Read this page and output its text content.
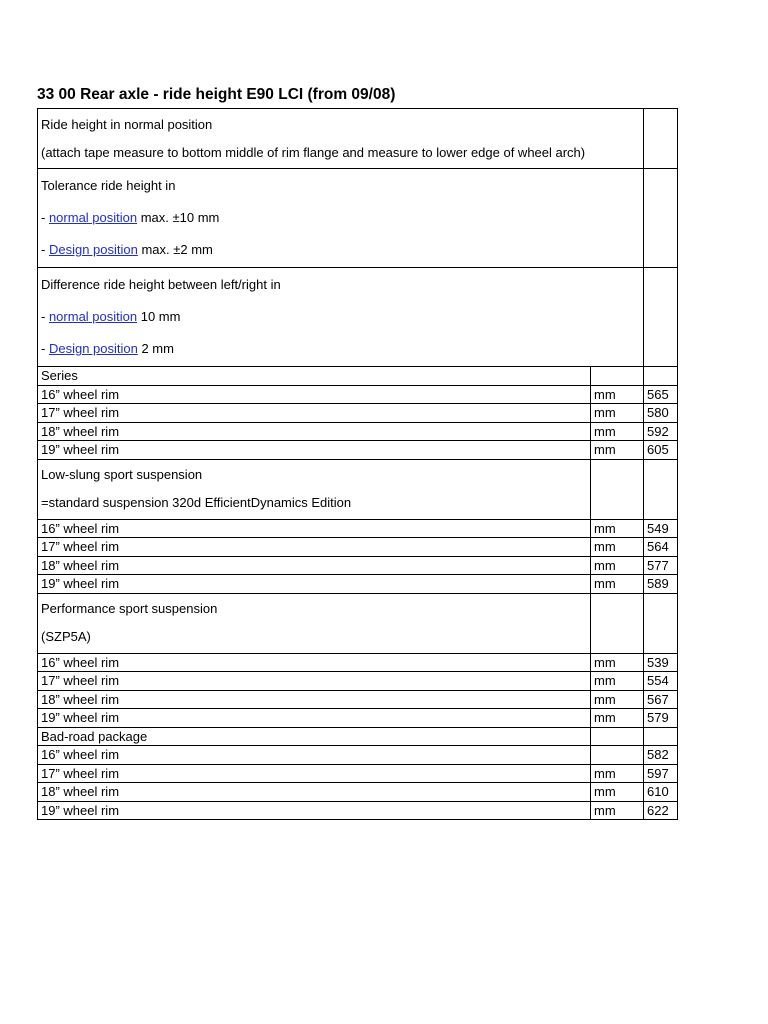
33 00 Rear axle - ride height E90 LCI (from 09/08)
Ride height in normal position
(attach tape measure to bottom middle of rim flange and measure to lower edge of wheel arch)		

Tolerance ride height in
- normal position max. ±10 mm
- Design position max. ±2 mm		

Difference ride height between left/right in
- normal position 10 mm
- Design position 2 mm		

Series		
16” wheel rim	mm	565
17” wheel rim	mm	580
18” wheel rim	mm	592
19” wheel rim	mm	605

Low-slung sport suspension
=standard suspension 320d EfficientDynamics Edition		

16” wheel rim	mm	549
17” wheel rim	mm	564
18” wheel rim	mm	577
19” wheel rim	mm	589

Performance sport suspension
(SZP5A)		

16” wheel rim	mm	539
17” wheel rim	mm	554
18” wheel rim	mm	567
19” wheel rim	mm	579
Bad-road package		
16” wheel rim		582
17” wheel rim	mm	597
18” wheel rim	mm	610
19” wheel rim	mm	622
